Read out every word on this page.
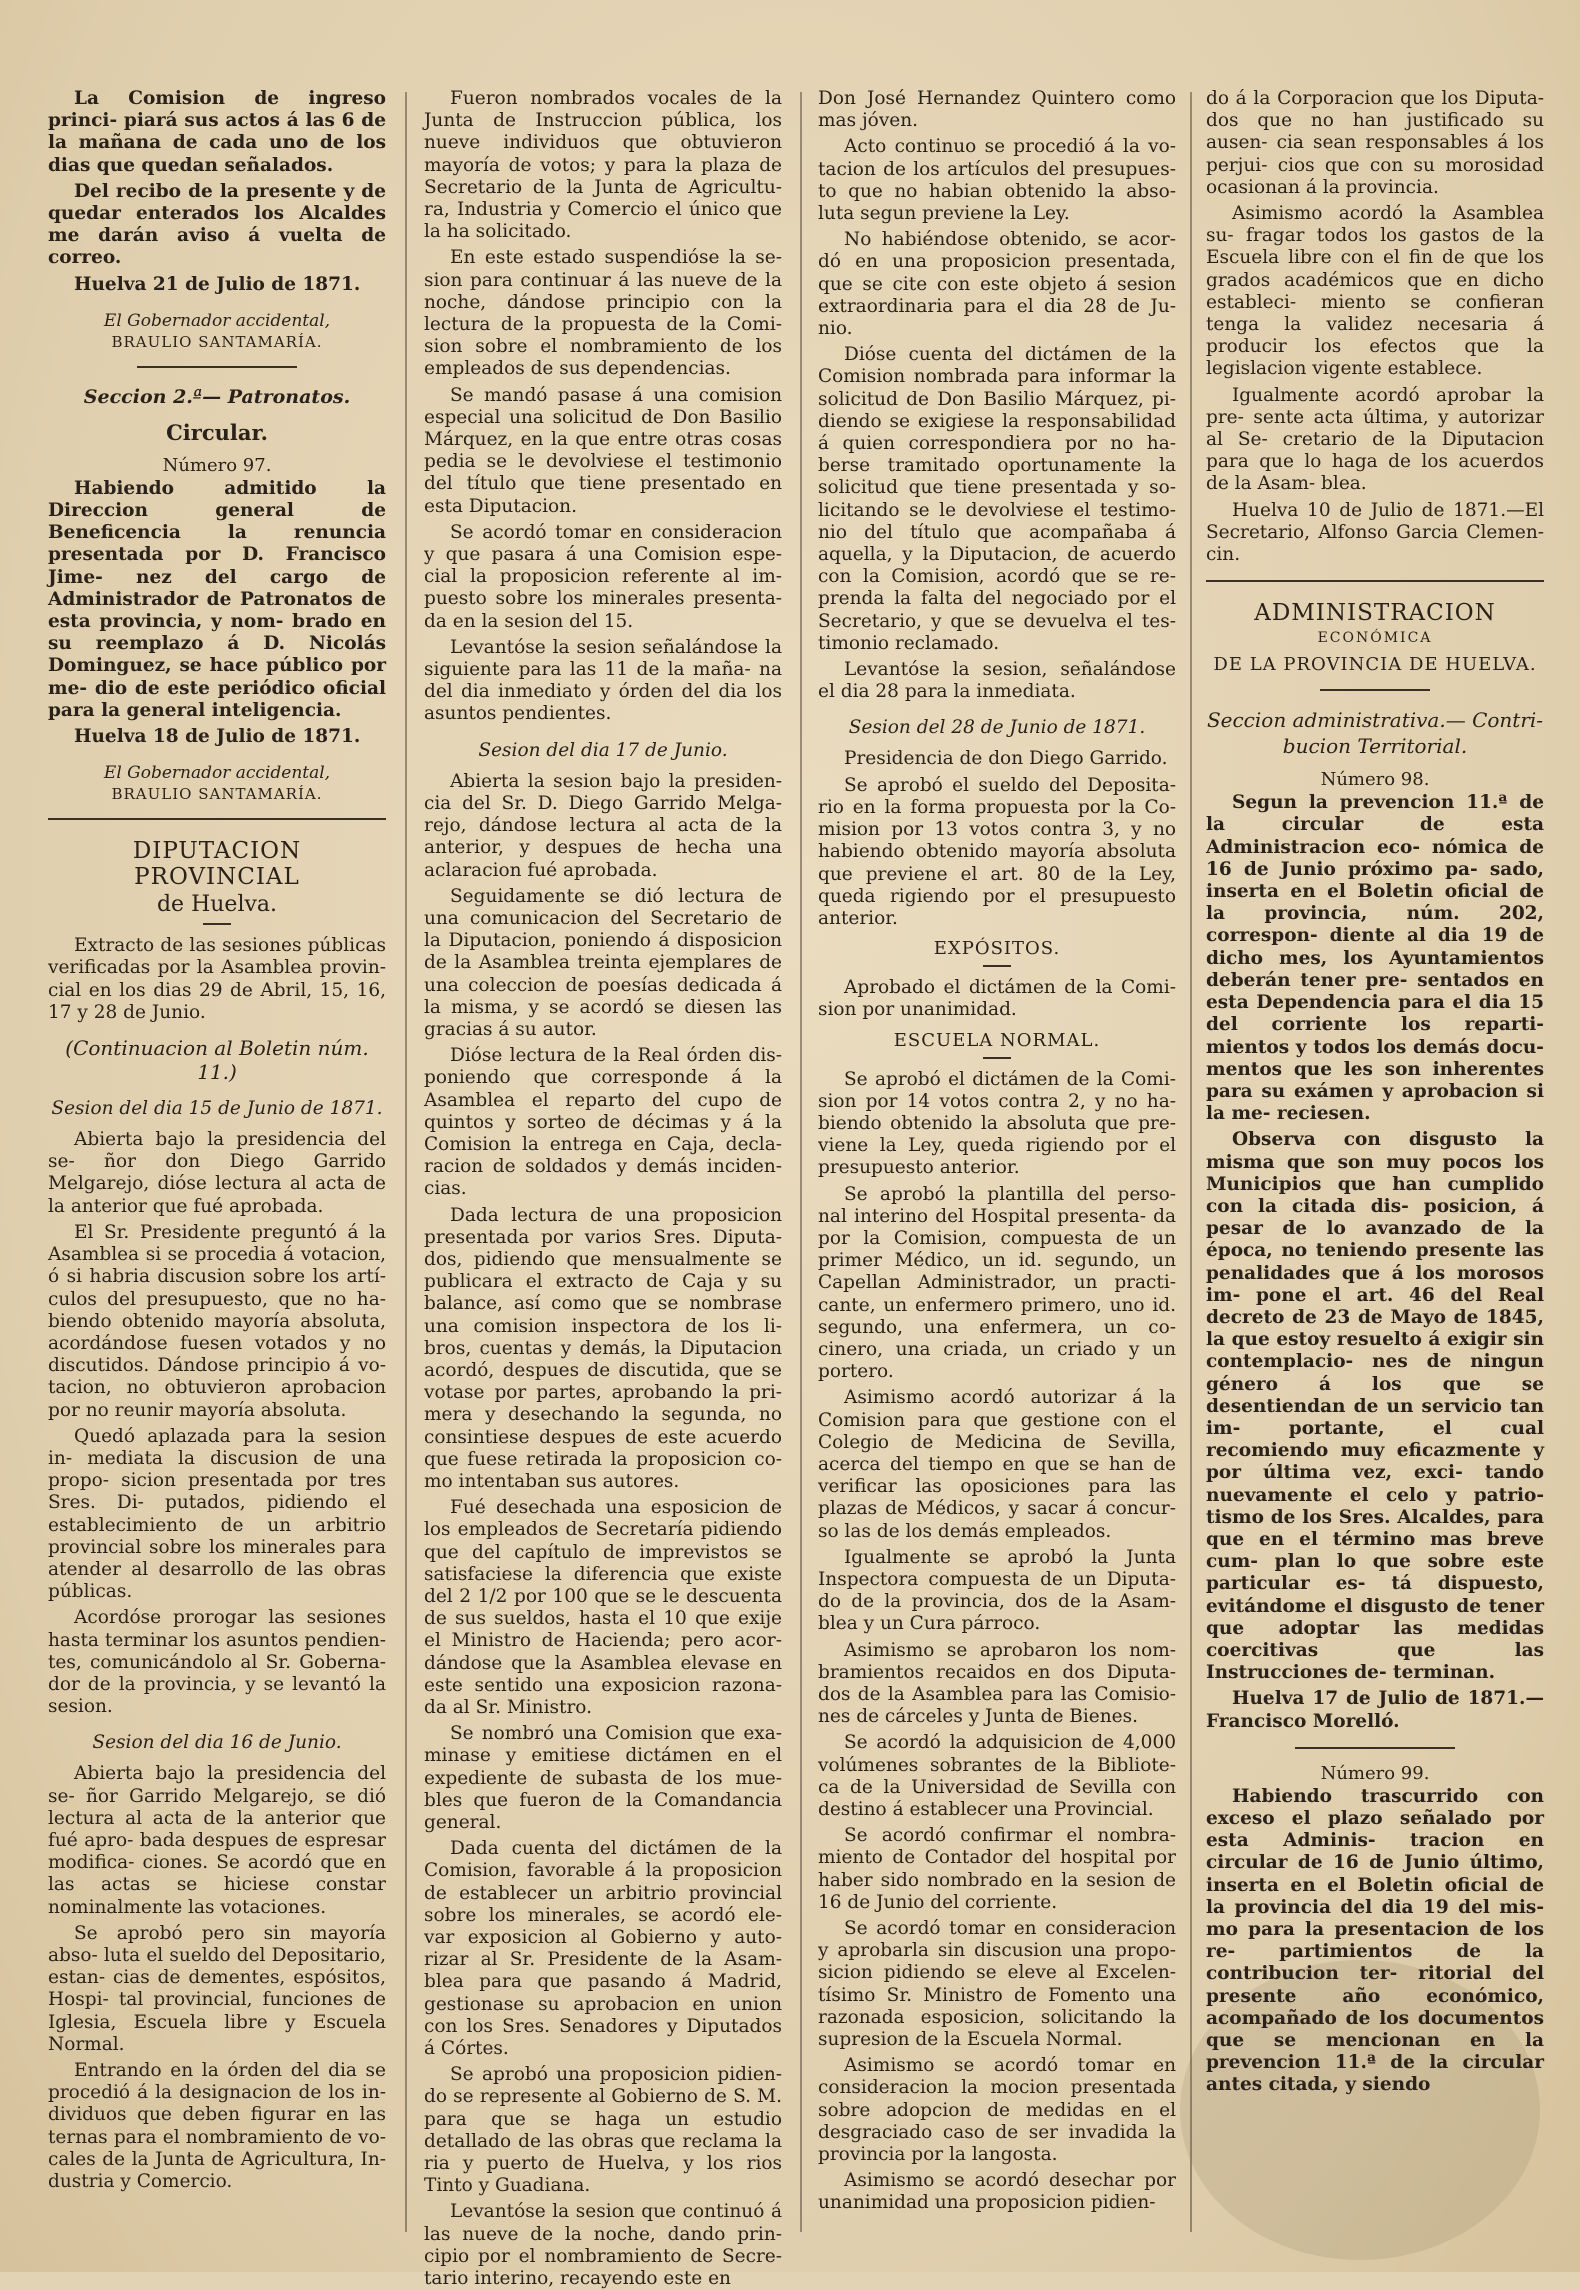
La Comision de ingreso princi- piará sus actos á las 6 de la mañana de cada uno de los dias que quedan señalados.

Del recibo de la presente y de quedar enterados los Alcaldes me darán aviso á vuelta de correo.

Huelva 21 de Julio de 1871.

El Gobernador accidental,
BRAULIO SANTAMARÍA.
Seccion 2.ª— Patronatos.
Circular.
Número 97.

Habiendo admitido la Direccion general de Beneficencia la renuncia presentada por D. Francisco Jime- nez del cargo de Administrador de Patronatos de esta provincia, y nom- brado en su reemplazo á D. Nicolás Dominguez, se hace público por me- dio de este periódico oficial para la general inteligencia.

Huelva 18 de Julio de 1871.

El Gobernador accidental,
BRAULIO SANTAMARÍA.
DIPUTACION PROVINCIAL
de Huelva.

Extracto de las sesiones públicas verificadas por la Asamblea provin- cial en los dias 29 de Abril, 15, 16, 17 y 28 de Junio.

(Continuacion al Boletin núm. 11.)
Sesion del dia 15 de Junio de 1871.

Abierta bajo la presidencia del se- ñor don Diego Garrido Melgarejo, dióse lectura al acta de la anterior que fué aprobada.

El Sr. Presidente preguntó á la Asamblea si se procedia á votacion, ó si habria discusion sobre los artí- culos del presupuesto, que no ha- biendo obtenido mayoría absoluta, acordándose fuesen votados y no discutidos. Dándose principio á vo- tacion, no obtuvieron aprobacion por no reunir mayoría absoluta.

Quedó aplazada para la sesion in- mediata la discusion de una propo- sicion presentada por tres Sres. Di- putados, pidiendo el establecimiento de un arbitrio provincial sobre los minerales para atender al desarrollo de las obras públicas.

Acordóse prorogar las sesiones hasta terminar los asuntos pendien- tes, comunicándolo al Sr. Goberna- dor de la provincia, y se levantó la sesion.

Sesion del dia 16 de Junio.

Abierta bajo la presidencia del se- ñor Garrido Melgarejo, se dió lectura al acta de la anterior que fué apro- bada despues de espresar modifica- ciones. Se acordó que en las actas se hiciese constar nominalmente las votaciones.

Se aprobó pero sin mayoría abso- luta el sueldo del Depositario, estan- cias de dementes, espósitos, Hospi- tal provincial, funciones de Iglesia, Escuela libre y Escuela Normal.

Entrando en la órden del dia se procedió á la designacion de los in- dividuos que deben figurar en las ternas para el nombramiento de vo- cales de la Junta de Agricultura, In- dustria y Comercio.

Fueron nombrados vocales de la Junta de Instruccion pública, los nueve individuos que obtuvieron mayoría de votos; y para la plaza de Secretario de la Junta de Agricultu- ra, Industria y Comercio el único que la ha solicitado.

En este estado suspendióse la se- sion para continuar á las nueve de la noche, dándose principio con la lectura de la propuesta de la Comi- sion sobre el nombramiento de los empleados de sus dependencias.

Se mandó pasase á una comision especial una solicitud de Don Basilio Márquez, en la que entre otras cosas pedia se le devolviese el testimonio del título que tiene presentado en esta Diputacion.

Se acordó tomar en consideracion y que pasara á una Comision espe- cial la proposicion referente al im- puesto sobre los minerales presenta- da en la sesion del 15.

Levantóse la sesion señalándose la siguiente para las 11 de la maña- na del dia inmediato y órden del dia los asuntos pendientes.

Sesion del dia 17 de Junio.

Abierta la sesion bajo la presiden- cia del Sr. D. Diego Garrido Melga- rejo, dándose lectura al acta de la anterior, y despues de hecha una aclaracion fué aprobada.

Seguidamente se dió lectura de una comunicacion del Secretario de la Diputacion, poniendo á disposicion de la Asamblea treinta ejemplares de una coleccion de poesías dedicada á la misma, y se acordó se diesen las gracias á su autor.

Dióse lectura de la Real órden dis- poniendo que corresponde á la Asamblea el reparto del cupo de quintos y sorteo de décimas y á la Comision la entrega en Caja, decla- racion de soldados y demás inciden- cias.

Dada lectura de una proposicion presentada por varios Sres. Diputa- dos, pidiendo que mensualmente se publicara el extracto de Caja y su balance, así como que se nombrase una comision inspectora de los li- bros, cuentas y demás, la Diputacion acordó, despues de discutida, que se votase por partes, aprobando la pri- mera y desechando la segunda, no consintiese despues de este acuerdo que fuese retirada la proposicion co- mo intentaban sus autores.

Fué desechada una esposicion de los empleados de Secretaría pidiendo que del capítulo de imprevistos se satisfaciese la diferencia que existe del 2 1/2 por 100 que se le descuenta de sus sueldos, hasta el 10 que exije el Ministro de Hacienda; pero acor- dándose que la Asamblea elevase en este sentido una exposicion razona- da al Sr. Ministro.

Se nombró una Comision que exa- minase y emitiese dictámen en el expediente de subasta de los mue- bles que fueron de la Comandancia general.

Dada cuenta del dictámen de la Comision, favorable á la proposicion de establecer un arbitrio provincial sobre los minerales, se acordó ele- var exposicion al Gobierno y auto- rizar al Sr. Presidente de la Asam- blea para que pasando á Madrid, gestionase su aprobacion en union con los Sres. Senadores y Diputados á Córtes.

Se aprobó una proposicion pidien- do se represente al Gobierno de S. M. para que se haga un estudio detallado de las obras que reclama la ria y puerto de Huelva, y los rios Tinto y Guadiana.

Levantóse la sesion que continuó á las nueve de la noche, dando prin- cipio por el nombramiento de Secre- tario interino, recayendo este en

Don José Hernandez Quintero como mas jóven.

Acto continuo se procedió á la vo- tacion de los artículos del presupues- to que no habian obtenido la abso- luta segun previene la Ley.

No habiéndose obtenido, se acor- dó en una proposicion presentada, que se cite con este objeto á sesion extraordinaria para el dia 28 de Ju- nio.

Dióse cuenta del dictámen de la Comision nombrada para informar la solicitud de Don Basilio Márquez, pi- diendo se exigiese la responsabilidad á quien correspondiera por no ha- berse tramitado oportunamente la solicitud que tiene presentada y so- licitando se le devolviese el testimo- nio del título que acompañaba á aquella, y la Diputacion, de acuerdo con la Comision, acordó que se re- prenda la falta del negociado por el Secretario, y que se devuelva el tes- timonio reclamado.

Levantóse la sesion, señalándose el dia 28 para la inmediata.

Sesion del 28 de Junio de 1871.

Presidencia de don Diego Garrido.

Se aprobó el sueldo del Deposita- rio en la forma propuesta por la Co- mision por 13 votos contra 3, y no habiendo obtenido mayoría absoluta que previene el art. 80 de la Ley, queda rigiendo por el presupuesto anterior.

EXPÓSITOS.

Aprobado el dictámen de la Comi- sion por unanimidad.

ESCUELA NORMAL.

Se aprobó el dictámen de la Comi- sion por 14 votos contra 2, y no ha- biendo obtenido la absoluta que pre- viene la Ley, queda rigiendo por el presupuesto anterior.

Se aprobó la plantilla del perso- nal interino del Hospital presenta- da por la Comision, compuesta de un primer Médico, un id. segundo, un Capellan Administrador, un practi- cante, un enfermero primero, uno id. segundo, una enfermera, un co- cinero, una criada, un criado y un portero.

Asimismo acordó autorizar á la Comision para que gestione con el Colegio de Medicina de Sevilla, acerca del tiempo en que se han de verificar las oposiciones para las plazas de Médicos, y sacar á concur- so las de los demás empleados.

Igualmente se aprobó la Junta Inspectora compuesta de un Diputa- do de la provincia, dos de la Asam- blea y un Cura párroco.

Asimismo se aprobaron los nom- bramientos recaidos en dos Diputa- dos de la Asamblea para las Comisio- nes de cárceles y Junta de Bienes.

Se acordó la adquisicion de 4,000 volúmenes sobrantes de la Bibliote- ca de la Universidad de Sevilla con destino á establecer una Provincial.

Se acordó confirmar el nombra- miento de Contador del hospital por haber sido nombrado en la sesion de 16 de Junio del corriente.

Se acordó tomar en consideracion y aprobarla sin discusion una propo- sicion pidiendo se eleve al Excelen- tísimo Sr. Ministro de Fomento una razonada esposicion, solicitando la supresion de la Escuela Normal.

Asimismo se acordó tomar en consideracion la mocion presentada sobre adopcion de medidas en el desgraciado caso de ser invadida la provincia por la langosta.

Asimismo se acordó desechar por unanimidad una proposicion pidien-

do á la Corporacion que los Diputa- dos que no han justificado su ausen- cia sean responsables á los perjui- cios que con su morosidad ocasionan á la provincia.

Asimismo acordó la Asamblea su- fragar todos los gastos de la Escuela libre con el fin de que los grados académicos que en dicho estableci- miento se confieran tenga la validez necesaria á producir los efectos que la legislacion vigente establece.

Igualmente acordó aprobar la pre- sente acta última, y autorizar al Se- cretario de la Diputacion para que lo haga de los acuerdos de la Asam- blea.

Huelva 10 de Julio de 1871.—El Secretario, Alfonso Garcia Clemen- cin.

ADMINISTRACION
ECONÓMICA
DE LA PROVINCIA DE HUELVA.
Seccion administrativa.— Contri- bucion Territorial.
Número 98.

Segun la prevencion 11.ª de la circular de esta Administracion eco- nómica de 16 de Junio próximo pa- sado, inserta en el Boletin oficial de la provincia, núm. 202, correspon- diente al dia 19 de dicho mes, los Ayuntamientos deberán tener pre- sentados en esta Dependencia para el dia 15 del corriente los reparti- mientos y todos los demás docu- mentos que les son inherentes para su exámen y aprobacion si la me- reciesen.

Observa con disgusto la misma que son muy pocos los Municipios que han cumplido con la citada dis- posicion, á pesar de lo avanzado de la época, no teniendo presente las penalidades que á los morosos im- pone el art. 46 del Real decreto de 23 de Mayo de 1845, la que estoy resuelto á exigir sin contemplacio- nes de ningun género á los que se desentiendan de un servicio tan im- portante, el cual recomiendo muy eficazmente y por última vez, exci- tando nuevamente el celo y patrio- tismo de los Sres. Alcaldes, para que en el término mas breve cum- plan lo que sobre este particular es- tá dispuesto, evitándome el disgusto de tener que adoptar las medidas coercitivas que las Instrucciones de- terminan.

Huelva 17 de Julio de 1871.— Francisco Morelló.

Número 99.

Habiendo trascurrido con exceso el plazo señalado por esta Adminis- tracion en circular de 16 de Junio último, inserta en el Boletin oficial de la provincia del dia 19 del mis- mo para la presentacion de los re- partimientos de la contribucion ter- ritorial del presente año económico, acompañado de los documentos que se mencionan en la prevencion 11.ª de la circular antes citada, y siendo
